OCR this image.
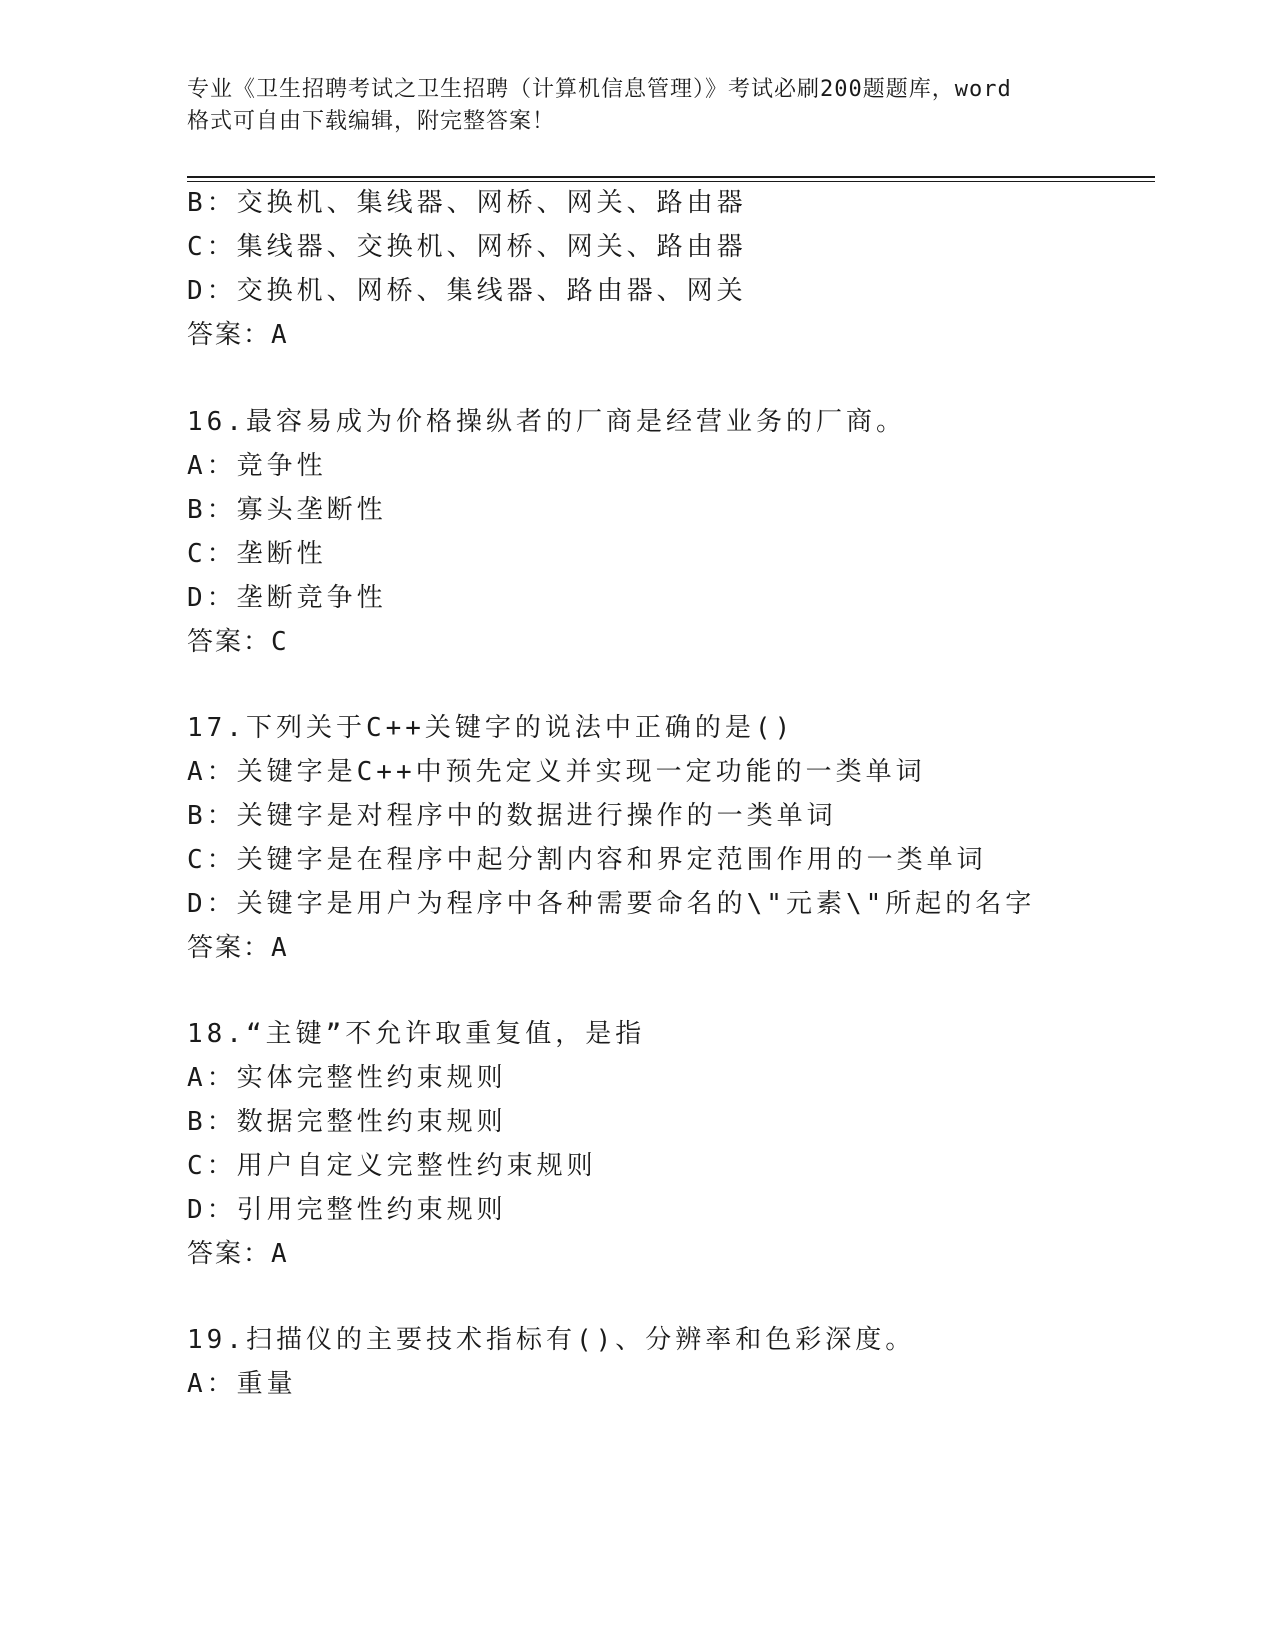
专业《卫生招聘考试之卫生招聘（计算机信息管理）》考试必刷200题题库，word
格式可自由下载编辑，附完整答案！
B：交换机、集线器、网桥、网关、路由器
C：集线器、交换机、网桥、网关、路由器
D：交换机、网桥、集线器、路由器、网关
答案：A
16.最容易成为价格操纵者的厂商是经营业务的厂商。
A：竞争性
B：寡头垄断性
C：垄断性
D：垄断竞争性
答案：C
17.下列关于C++关键字的说法中正确的是()
A：关键字是C++中预先定义并实现一定功能的一类单词
B：关键字是对程序中的数据进行操作的一类单词
C：关键字是在程序中起分割内容和界定范围作用的一类单词
D：关键字是用户为程序中各种需要命名的\"元素\"所起的名字
答案：A
18.“主键”不允许取重复值，是指
A：实体完整性约束规则
B：数据完整性约束规则
C：用户自定义完整性约束规则
D：引用完整性约束规则
答案：A
19.扫描仪的主要技术指标有()、分辨率和色彩深度。
A：重量
